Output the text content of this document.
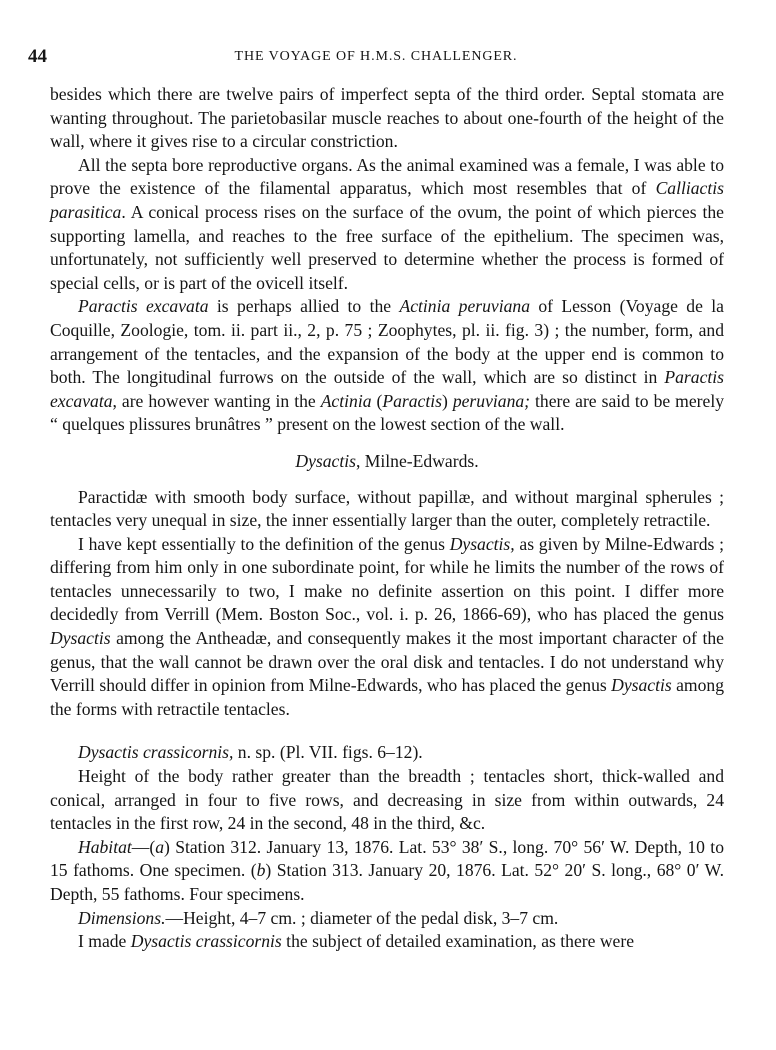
44	THE VOYAGE OF H.M.S. CHALLENGER.

besides which there are twelve pairs of imperfect septa of the third order. Septal stomata are wanting throughout. The parietobasilar muscle reaches to about one-fourth of the height of the wall, where it gives rise to a circular constriction.

All the septa bore reproductive organs. As the animal examined was a female, I was able to prove the existence of the filamental apparatus, which most resembles that of Calliactis parasitica. A conical process rises on the surface of the ovum, the point of which pierces the supporting lamella, and reaches to the free surface of the epithelium. The specimen was, unfortunately, not sufficiently well preserved to determine whether the process is formed of special cells, or is part of the ovicell itself.

Paractis excavata is perhaps allied to the Actinia peruviana of Lesson (Voyage de la Coquille, Zoologie, tom. ii. part ii., 2, p. 75 ; Zoophytes, pl. ii. fig. 3) ; the number, form, and arrangement of the tentacles, and the expansion of the body at the upper end is common to both. The longitudinal furrows on the outside of the wall, which are so distinct in Paractis excavata, are however wanting in the Actinia (Paractis) peruviana; there are said to be merely “ quelques plissures brunâtres ” present on the lowest section of the wall.

Dysactis, Milne-Edwards.

Paractidæ with smooth body surface, without papillæ, and without marginal spherules ; tentacles very unequal in size, the inner essentially larger than the outer, completely retractile.

I have kept essentially to the definition of the genus Dysactis, as given by Milne-Edwards ; differing from him only in one subordinate point, for while he limits the number of the rows of tentacles unnecessarily to two, I make no definite assertion on this point. I differ more decidedly from Verrill (Mem. Boston Soc., vol. i. p. 26, 1866-69), who has placed the genus Dysactis among the Antheadæ, and consequently makes it the most important character of the genus, that the wall cannot be drawn over the oral disk and tentacles. I do not understand why Verrill should differ in opinion from Milne-Edwards, who has placed the genus Dysactis among the forms with retractile tentacles.

Dysactis crassicornis, n. sp. (Pl. VII. figs. 6–12).

Height of the body rather greater than the breadth ; tentacles short, thick-walled and conical, arranged in four to five rows, and decreasing in size from within outwards, 24 tentacles in the first row, 24 in the second, 48 in the third, &c.

Habitat—(a) Station 312. January 13, 1876. Lat. 53° 38′ S., long. 70° 56′ W. Depth, 10 to 15 fathoms. One specimen. (b) Station 313. January 20, 1876. Lat. 52° 20′ S. long., 68° 0′ W. Depth, 55 fathoms. Four specimens.

Dimensions.—Height, 4–7 cm. ; diameter of the pedal disk, 3–7 cm.

I made Dysactis crassicornis the subject of detailed examination, as there were
